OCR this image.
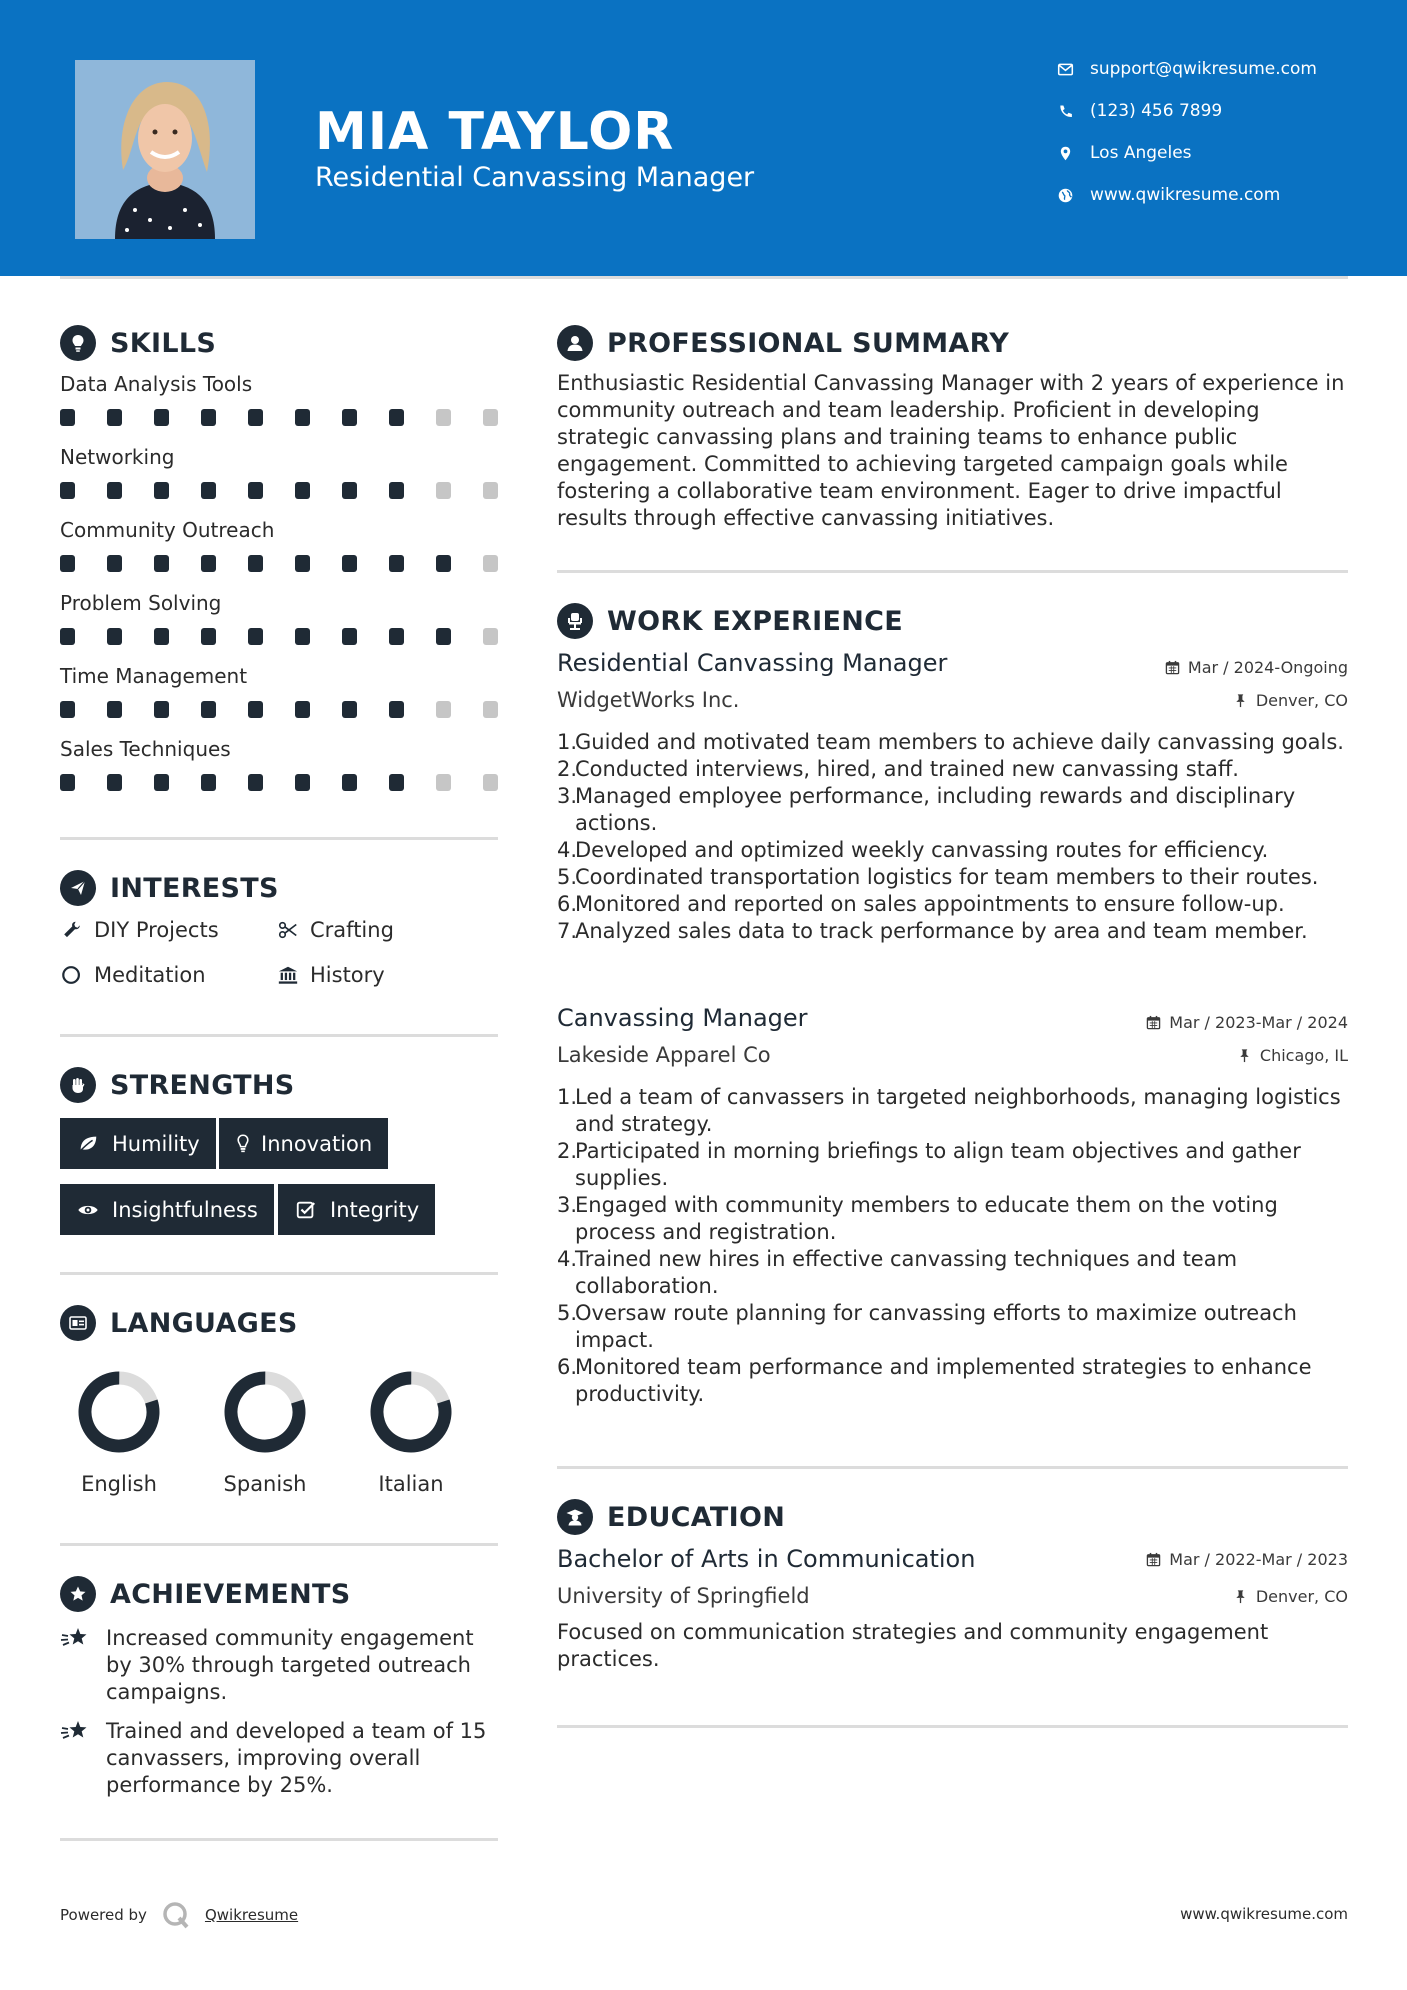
MIA TAYLOR
Residential Canvassing Manager
support@qwikresume.com
(123) 456 7899
Los Angeles
www.qwikresume.com
SKILLS
Data Analysis Tools
Networking
Community Outreach
Problem Solving
Time Management
Sales Techniques
INTERESTS
DIY Projects	Crafting
Meditation	History
STRENGTHS
Humility	Innovation
Insightfulness	Integrity
LANGUAGES
English	Spanish	Italian
ACHIEVEMENTS
Increased community engagement by 30% through targeted outreach campaigns.
Trained and developed a team of 15 canvassers, improving overall performance by 25%.
PROFESSIONAL SUMMARY
Enthusiastic Residential Canvassing Manager with 2 years of experience in community outreach and team leadership. Proficient in developing strategic canvassing plans and training teams to enhance public engagement. Committed to achieving targeted campaign goals while fostering a collaborative team environment. Eager to drive impactful results through effective canvassing initiatives.
WORK EXPERIENCE
Residential Canvassing Manager	Mar / 2024-Ongoing
WidgetWorks Inc.	Denver, CO
1.
Guided and motivated team members to achieve daily canvassing goals.
2.
Conducted interviews, hired, and trained new canvassing staff.
3.
Managed employee performance, including rewards and disciplinary actions.
4.
Developed and optimized weekly canvassing routes for efficiency.
5.
Coordinated transportation logistics for team members to their routes.
6.
Monitored and reported on sales appointments to ensure follow-up.
7.
Analyzed sales data to track performance by area and team member.
Canvassing Manager	Mar / 2023-Mar / 2024
Lakeside Apparel Co	Chicago, IL
1.
Led a team of canvassers in targeted neighborhoods, managing logistics and strategy.
2.
Participated in morning briefings to align team objectives and gather supplies.
3.
Engaged with community members to educate them on the voting process and registration.
4.
Trained new hires in effective canvassing techniques and team collaboration.
5.
Oversaw route planning for canvassing efforts to maximize outreach impact.
6.
Monitored team performance and implemented strategies to enhance productivity.
EDUCATION
Bachelor of Arts in Communication	Mar / 2022-Mar / 2023
University of Springfield	Denver, CO
Focused on communication strategies and community engagement practices.
Powered by	Qwikresume	www.qwikresume.com
